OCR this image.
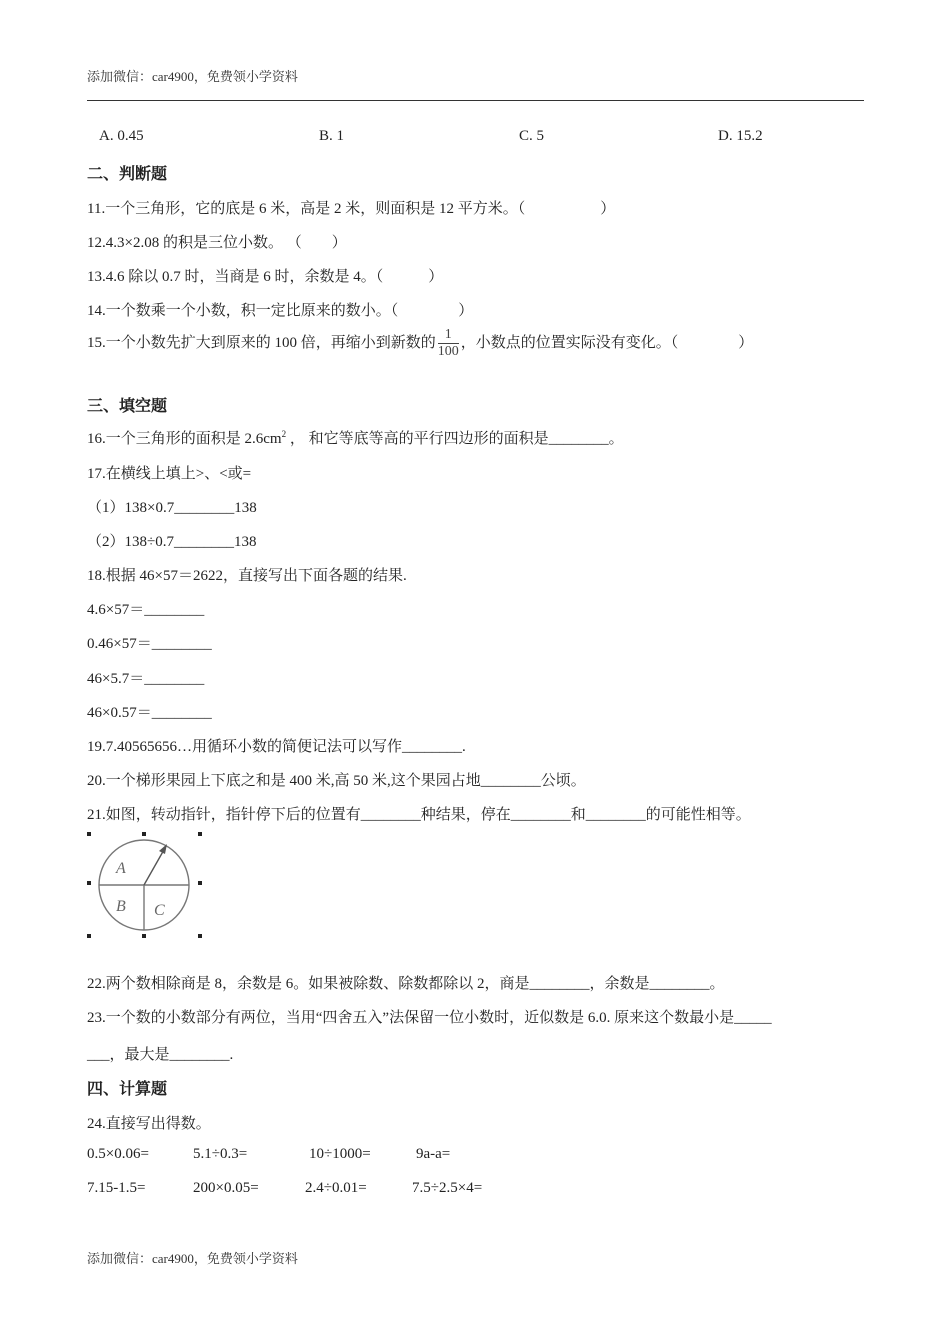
添加微信：car4900，免费领小学资料
A. 0.45	B. 1	C. 5	D. 15.2
二、判断题
11.一个三角形，它的底是 6 米，高是 2 米，则面积是 12 平方米。（　　　　　）
12.4.3×2.08 的积是三位小数。 （　　）
13.4.6 除以 0.7 时，当商是 6 时，余数是 4。（　　　）
14.一个数乘一个小数，积一定比原来的数小。（　　　　）
15.一个小数先扩大到原来的 100 倍，再缩小到新数的 $\frac{1}{100}$ ，小数点的位置实际没有变化。（　　　　）
三、填空题
16.一个三角形的面积是 $2.6cm^2$ ， 和它等底等高的平行四边形的面积是________。
17.在横线上填上>、<或=
（1）138×0.7________138
（2）138÷0.7________138
18.根据 46×57＝2622，直接写出下面各题的结果.
4.6×57＝________
0.46×57＝________
46×5.7＝________
46×0.57＝________
19.7.40565656…用循环小数的简便记法可以写作________.
20.一个梯形果园上下底之和是 400 米,高 50 米,这个果园占地________公顷。
21.如图，转动指针，指针停下后的位置有________种结果，停在________和________的可能性相等。
A
B C
22.两个数相除商是 8，余数是 6。如果被除数、除数都除以 2，商是________，余数是________。
23.一个数的小数部分有两位，当用“四舍五入”法保留一位小数时，近似数是 6.0. 原来这个数最小是_____
___，最大是________.
四、计算题
24.直接写出得数。
0.5×0.06=	5.1÷0.3=	10÷1000=	9a-a=
7.15-1.5=	200×0.05=	2.4÷0.01=	7.5÷2.5×4=
添加微信：car4900，免费领小学资料
